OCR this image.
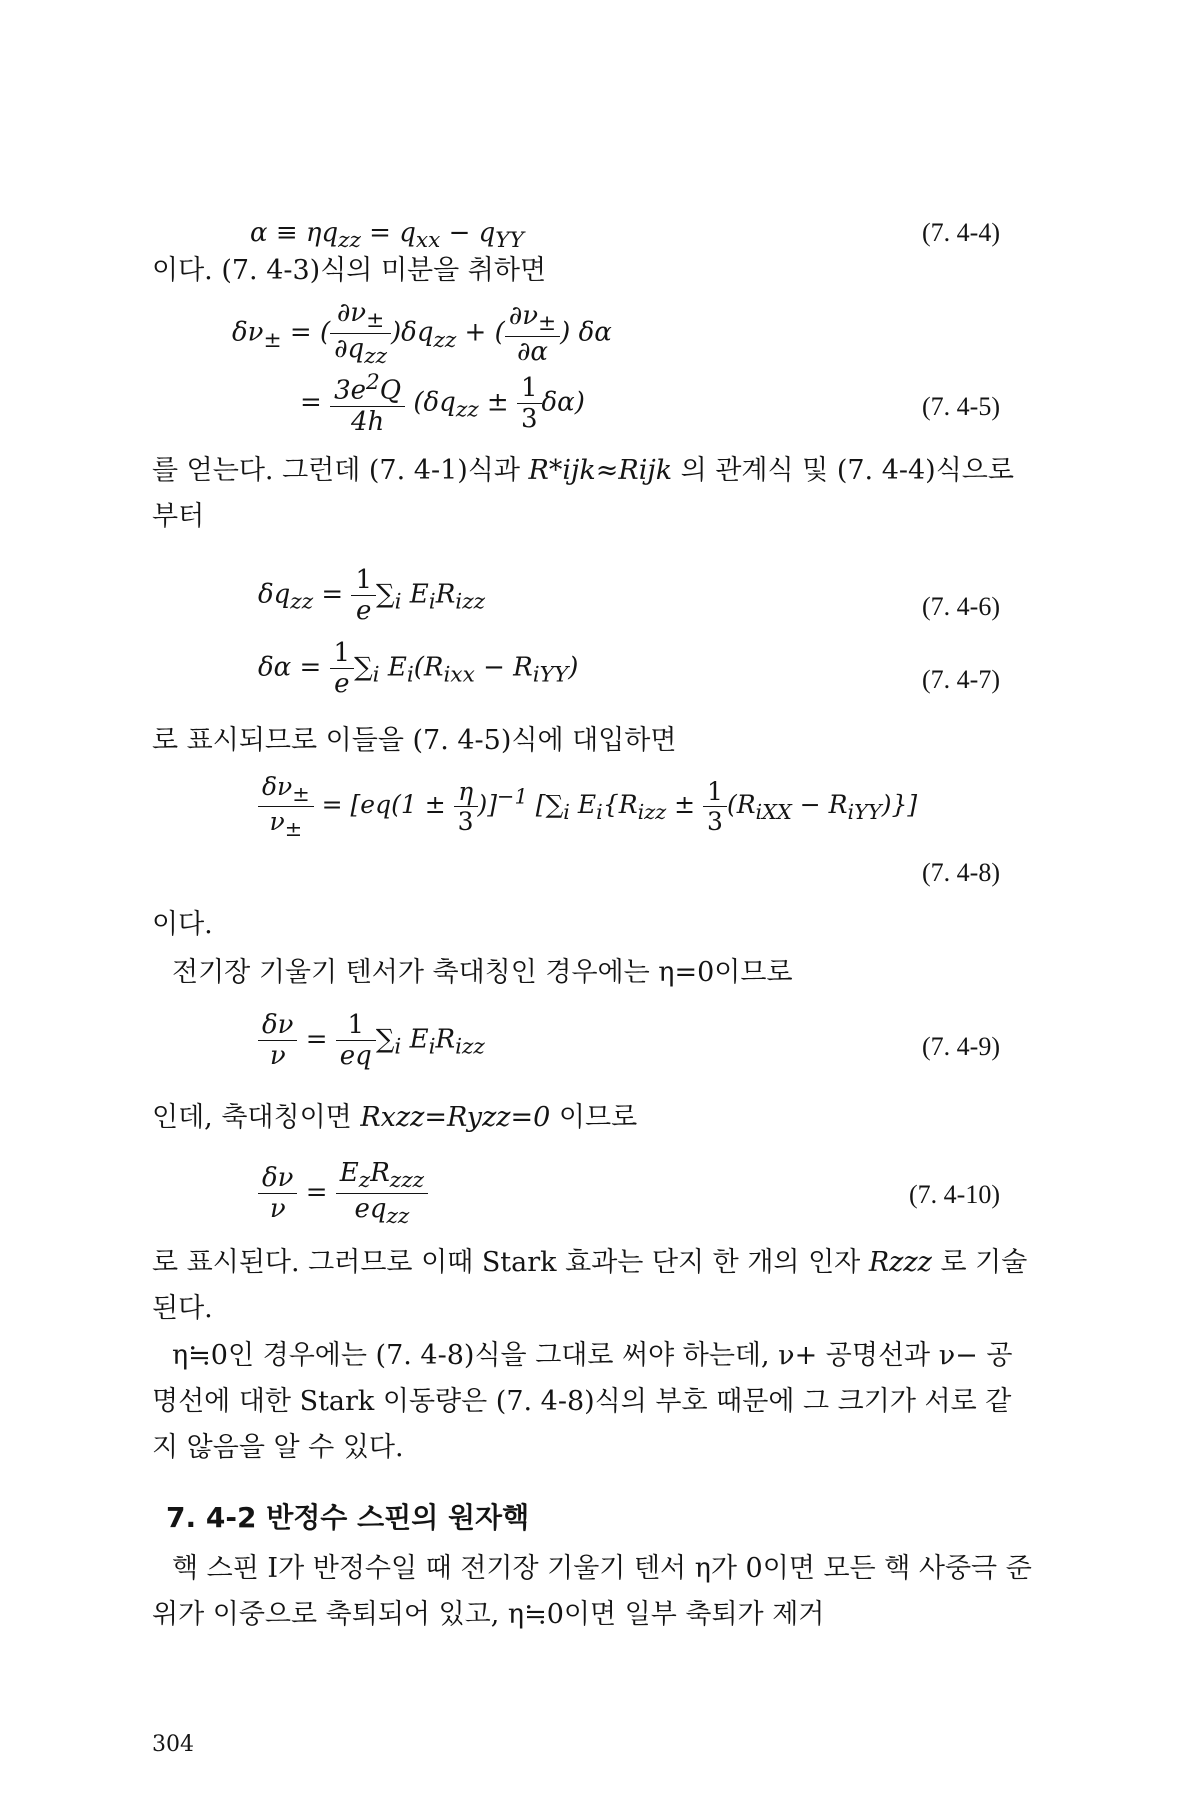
$\alpha \equiv \eta q_{zz} = q_{xx} - q_{YY}$	(7. 4-4)
이다. (7. 4-3)식의 미분을 취하면
$\delta\nu_\pm$ = ( $\frac{\partial\nu_\pm}{\partial q_{zz}} )\delta q_{zz}$ + ( $\frac{\partial\nu_\pm}{\partial\alpha}$ ) δα
= $\frac{3e^2Q}{4h} (\delta q_{zz} \pm \frac{1}{3} \delta\alpha)$	(7. 4-5)
를 얻는다. 그런데 (7. 4-1)식과 R*ijk≈Rijk 의 관계식 및 (7. 4-4)식으로부터
$\delta q_{zz} = \frac{1}{e} \sum_i$ $E_iR_{izz}$	(7. 4-6)
$\delta\alpha = \frac{1}{e} \sum_i$ $E_i(R_{ixx} - R_{iYY})$	(7. 4-7)
로 표시되므로 이들을 (7. 4-5)식에 대입하면
$\frac{\delta\nu_\pm}{\nu_\pm} = [eq(1 \pm \frac{\eta}{3} )]^{-1}$ [$\sum_i$ $E_i\{R_{izz} \pm \frac{1}{3} (R_{iXX} - R_{iYY})\}$]
(7. 4-8)
이다.
전기장 기울기 텐서가 축대칭인 경우에는 η=0이므로
$\frac{\delta\nu}{\nu} = \frac{1}{eq} \sum_i$ $E_iR_{izz}$	(7. 4-9)
인데, 축대칭이면 Rxzz=Ryzz=0 이므로
$\frac{\delta\nu}{\nu} = \frac{E_zR_{zzz}}{eq_{zz}}$	(7. 4-10)
로 표시된다. 그러므로 이때 Stark 효과는 단지 한 개의 인자 Rzzz 로 기술된다.
η≒0인 경우에는 (7. 4-8)식을 그대로 써야 하는데, ν+ 공명선과 ν− 공명선에 대한 Stark 이동량은 (7. 4-8)식의 부호 때문에 그 크기가 서로 같지 않음을 알 수 있다.
7. 4-2 반정수 스핀의 원자핵
핵 스핀 I가 반정수일 때 전기장 기울기 텐서 η가 0이면 모든 핵 사중극 준위가 이중으로 축퇴되어 있고, η≒0이면 일부 축퇴가 제거
304
